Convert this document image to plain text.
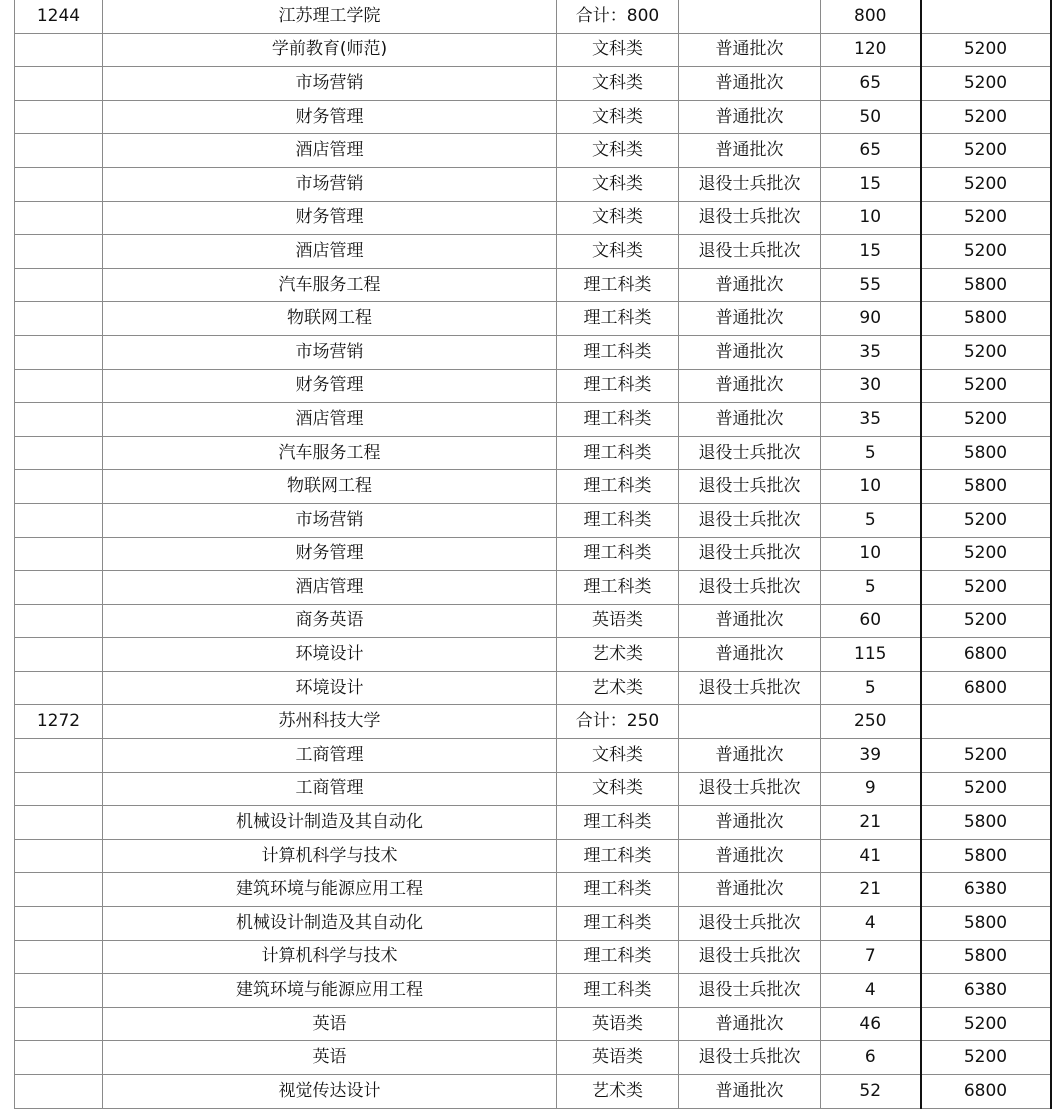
1244	江苏理工学院	合计：800		800	
	学前教育(师范)	文科类	普通批次	120	5200
	市场营销	文科类	普通批次	65	5200
	财务管理	文科类	普通批次	50	5200
	酒店管理	文科类	普通批次	65	5200
	市场营销	文科类	退役士兵批次	15	5200
	财务管理	文科类	退役士兵批次	10	5200
	酒店管理	文科类	退役士兵批次	15	5200
	汽车服务工程	理工科类	普通批次	55	5800
	物联网工程	理工科类	普通批次	90	5800
	市场营销	理工科类	普通批次	35	5200
	财务管理	理工科类	普通批次	30	5200
	酒店管理	理工科类	普通批次	35	5200
	汽车服务工程	理工科类	退役士兵批次	5	5800
	物联网工程	理工科类	退役士兵批次	10	5800
	市场营销	理工科类	退役士兵批次	5	5200
	财务管理	理工科类	退役士兵批次	10	5200
	酒店管理	理工科类	退役士兵批次	5	5200
	商务英语	英语类	普通批次	60	5200
	环境设计	艺术类	普通批次	115	6800
	环境设计	艺术类	退役士兵批次	5	6800
1272	苏州科技大学	合计：250		250	
	工商管理	文科类	普通批次	39	5200
	工商管理	文科类	退役士兵批次	9	5200
	机械设计制造及其自动化	理工科类	普通批次	21	5800
	计算机科学与技术	理工科类	普通批次	41	5800
	建筑环境与能源应用工程	理工科类	普通批次	21	6380
	机械设计制造及其自动化	理工科类	退役士兵批次	4	5800
	计算机科学与技术	理工科类	退役士兵批次	7	5800
	建筑环境与能源应用工程	理工科类	退役士兵批次	4	6380
	英语	英语类	普通批次	46	5200
	英语	英语类	退役士兵批次	6	5200
	视觉传达设计	艺术类	普通批次	52	6800
